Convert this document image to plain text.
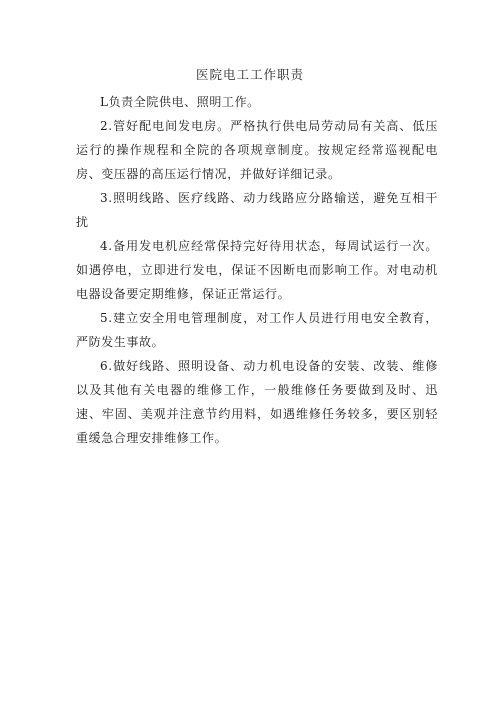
医院电工工作职责

L负责全院供电、照明工作。

2.管好配电间发电房。严格执行供电局劳动局有关高、低压运行的操作规程和全院的各项规章制度。按规定经常巡视配电房、变压器的高压运行情况，并做好详细记录。

3.照明线路、医疗线路、动力线路应分路输送，避免互相干扰

4.备用发电机应经常保持完好待用状态，每周试运行一次。如遇停电，立即进行发电，保证不因断电而影响工作。对电动机电器设备要定期维修，保证正常运行。

5.建立安全用电管理制度，对工作人员进行用电安全教育，严防发生事故。

6.做好线路、照明设备、动力机电设备的安装、改装、维修以及其他有关电器的维修工作，一般维修任务要做到及时、迅速、牢固、美观并注意节约用料，如遇维修任务较多，要区别轻重缓急合理安排维修工作。
